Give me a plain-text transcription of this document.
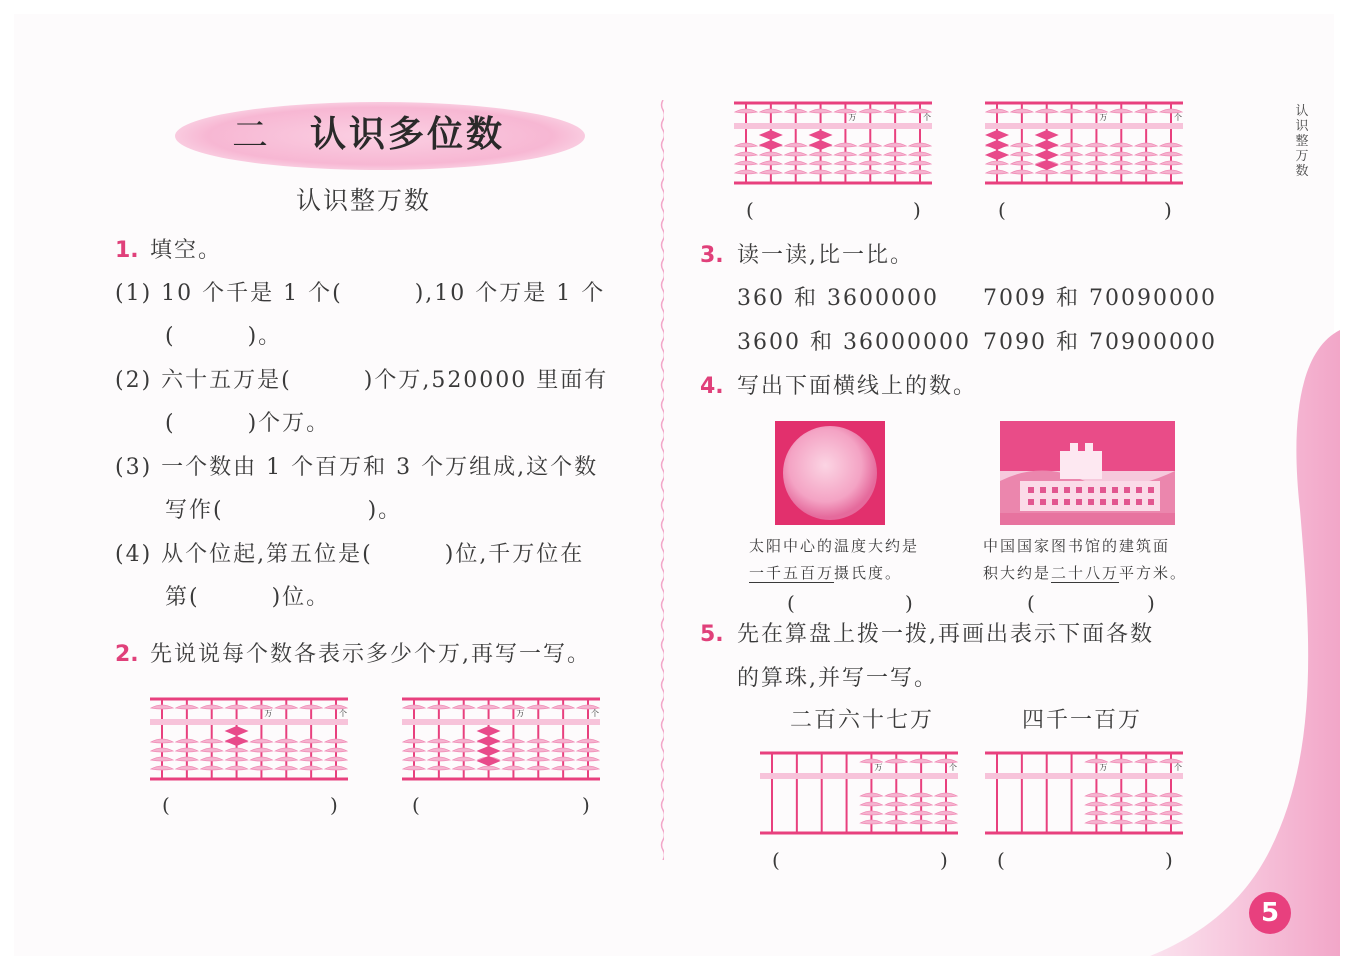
二 认识多位数
认识整万数
1. 填空。
(1) 10 个千是 1 个(　　　),10 个万是 1 个
(　　　)。
(2) 六十五万是(　　　)个万,520000 里面有
(　　　)个万。
(3) 一个数由 1 个百万和 3 个万组成,这个数
写作(　　　　　　)。
(4) 从个位起,第五位是(　　　)位,千万位在
第(　　　)位。
2. 先说说每个数各表示多少个万,再写一写。
万	个	万	个
(	)	(	)
万	个	万	个
(	)	(	)
3. 读一读,比一比。
360 和 3600000 7009 和 70090000
3600 和 36000000 7090 和 70900000
4. 写出下面横线上的数。
太阳中心的温度大约是
一千五百万摄氏度。
中国国家图书馆的建筑面
积大约是二十八万平方米。
(	)	(	)
5. 先在算盘上拨一拨,再画出表示下面各数
的算珠,并写一写。
二百六十七万	四千一百万
万	个	万	个
(	) (	)
认
识
整
万
数
5
